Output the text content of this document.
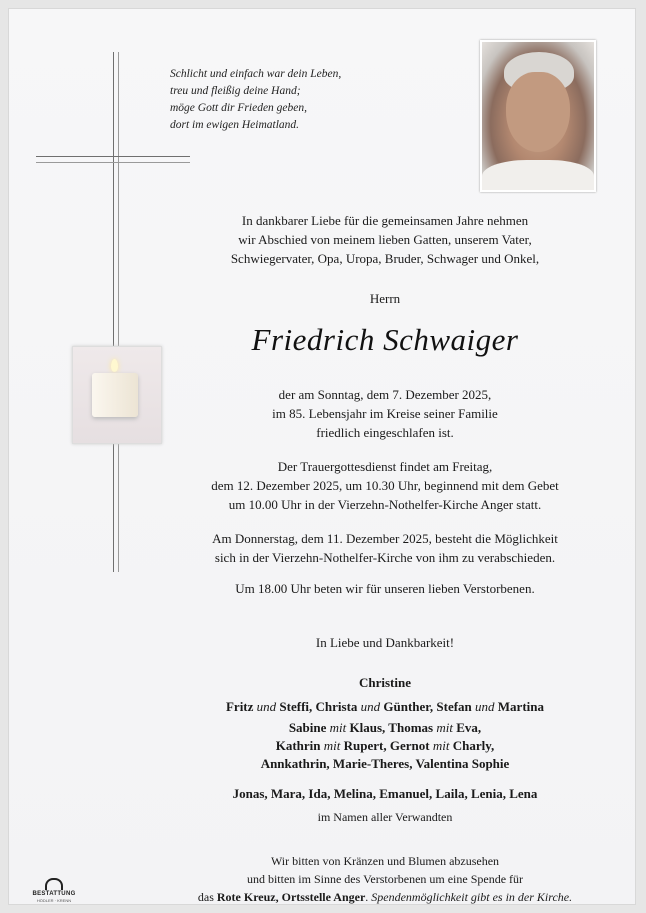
Schlicht und einfach war dein Leben,
treu und fleißig deine Hand;
möge Gott dir Frieden geben,
dort im ewigen Heimatland.
In dankbarer Liebe für die gemeinsamen Jahre nehmen
wir Abschied von meinem lieben Gatten, unserem Vater,
Schwiegervater, Opa, Uropa, Bruder, Schwager und Onkel,
Herrn
Friedrich Schwaiger
der am Sonntag, dem 7. Dezember 2025,
im 85. Lebensjahr im Kreise seiner Familie
friedlich eingeschlafen ist.
Der Trauergottesdienst findet am Freitag,
dem 12. Dezember 2025, um 10.30 Uhr, beginnend mit dem Gebet
um 10.00 Uhr in der Vierzehn-Nothelfer-Kirche Anger statt.
Am Donnerstag, dem 11. Dezember 2025, besteht die Möglichkeit
sich in der Vierzehn-Nothelfer-Kirche von ihm zu verabschieden.
Um 18.00 Uhr beten wir für unseren lieben Verstorbenen.
In Liebe und Dankbarkeit!
Christine
Fritz und Steffi, Christa und Günther, Stefan und Martina
Sabine mit Klaus, Thomas mit Eva,
Kathrin mit Rupert, Gernot mit Charly,
Annkathrin, Marie-Theres, Valentina Sophie
Jonas, Mara, Ida, Melina, Emanuel, Laila, Lenia, Lena
im Namen aller Verwandten
Wir bitten von Kränzen und Blumen abzusehen
und bitten im Sinne des Verstorbenen um eine Spende für
das Rote Kreuz, Ortsstelle Anger. Spendenmöglichkeit gibt es in der Kirche.
BESTATTUNG
HÖDLER · KRENN
